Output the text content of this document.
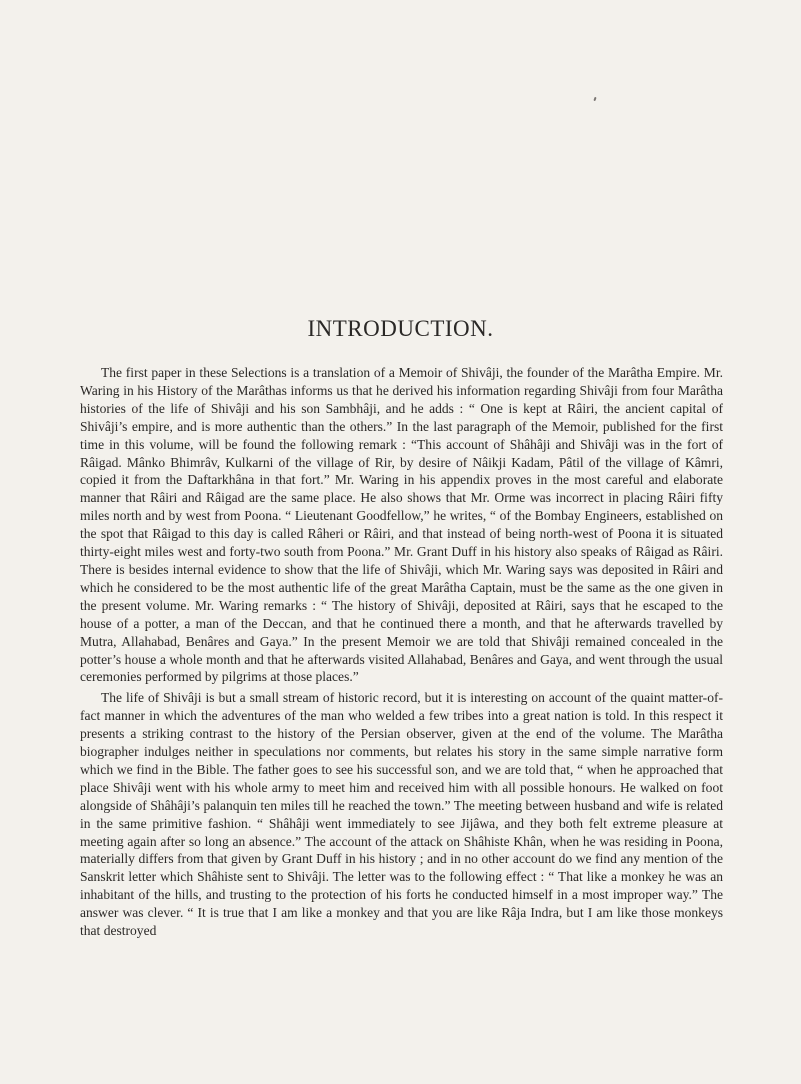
INTRODUCTION.

The first paper in these Selections is a translation of a Memoir of Shivâji, the founder of the Marâtha Empire. Mr. Waring in his History of the Marâthas informs us that he derived his information regarding Shivâji from four Marâtha histories of the life of Shivâji and his son Sambhâji, and he adds : “ One is kept at Râiri, the ancient capital of Shivâji’s empire, and is more authentic than the others.” In the last paragraph of the Memoir, published for the first time in this volume, will be found the following remark : “This account of Shâhâji and Shivâji was in the fort of Râigad. Mânko Bhimrâv, Kulkarni of the village of Rir, by desire of Nâikji Kadam, Pâtil of the village of Kâmri, copied it from the Daftarkhâna in that fort.” Mr. Waring in his appendix proves in the most careful and elaborate manner that Râiri and Râigad are the same place. He also shows that Mr. Orme was incorrect in placing Râiri fifty miles north and by west from Poona. “ Lieutenant Goodfellow,” he writes, “ of the Bombay Engineers, established on the spot that Râigad to this day is called Râheri or Râiri, and that instead of being north-west of Poona it is situated thirty-eight miles west and forty-two south from Poona.” Mr. Grant Duff in his history also speaks of Râigad as Râiri. There is besides internal evidence to show that the life of Shivâji, which Mr. Waring says was deposited in Râiri and which he considered to be the most authentic life of the great Marâtha Captain, must be the same as the one given in the present volume. Mr. Waring remarks : “ The history of Shivâji, deposited at Râiri, says that he escaped to the house of a potter, a man of the Deccan, and that he continued there a month, and that he afterwards travelled by Mutra, Allahabad, Benâres and Gaya.” In the present Memoir we are told that Shivâji remained concealed in the potter’s house a whole month and that he afterwards visited Allahabad, Benâres and Gaya, and went through the usual ceremonies performed by pilgrims at those places.”

The life of Shivâji is but a small stream of historic record, but it is interesting on account of the quaint matter-of-fact manner in which the adventures of the man who welded a few tribes into a great nation is told. In this respect it presents a striking contrast to the history of the Persian observer, given at the end of the volume. The Marâtha biographer indulges neither in speculations nor comments, but relates his story in the same simple narrative form which we find in the Bible. The father goes to see his successful son, and we are told that, “ when he approached that place Shivâji went with his whole army to meet him and received him with all possible honours. He walked on foot alongside of Shâhâji’s palanquin ten miles till he reached the town.” The meeting between husband and wife is related in the same primitive fashion. “ Shâhâji went immediately to see Jijâwa, and they both felt extreme pleasure at meeting again after so long an absence.” The account of the attack on Shâhiste Khân, when he was residing in Poona, materially differs from that given by Grant Duff in his history ; and in no other account do we find any mention of the Sanskrit letter which Shâhiste sent to Shivâji. The letter was to the following effect : “ That like a monkey he was an inhabitant of the hills, and trusting to the protection of his forts he conducted himself in a most improper way.” The answer was clever. “ It is true that I am like a monkey and that you are like Râja Indra, but I am like those monkeys that destroyed
